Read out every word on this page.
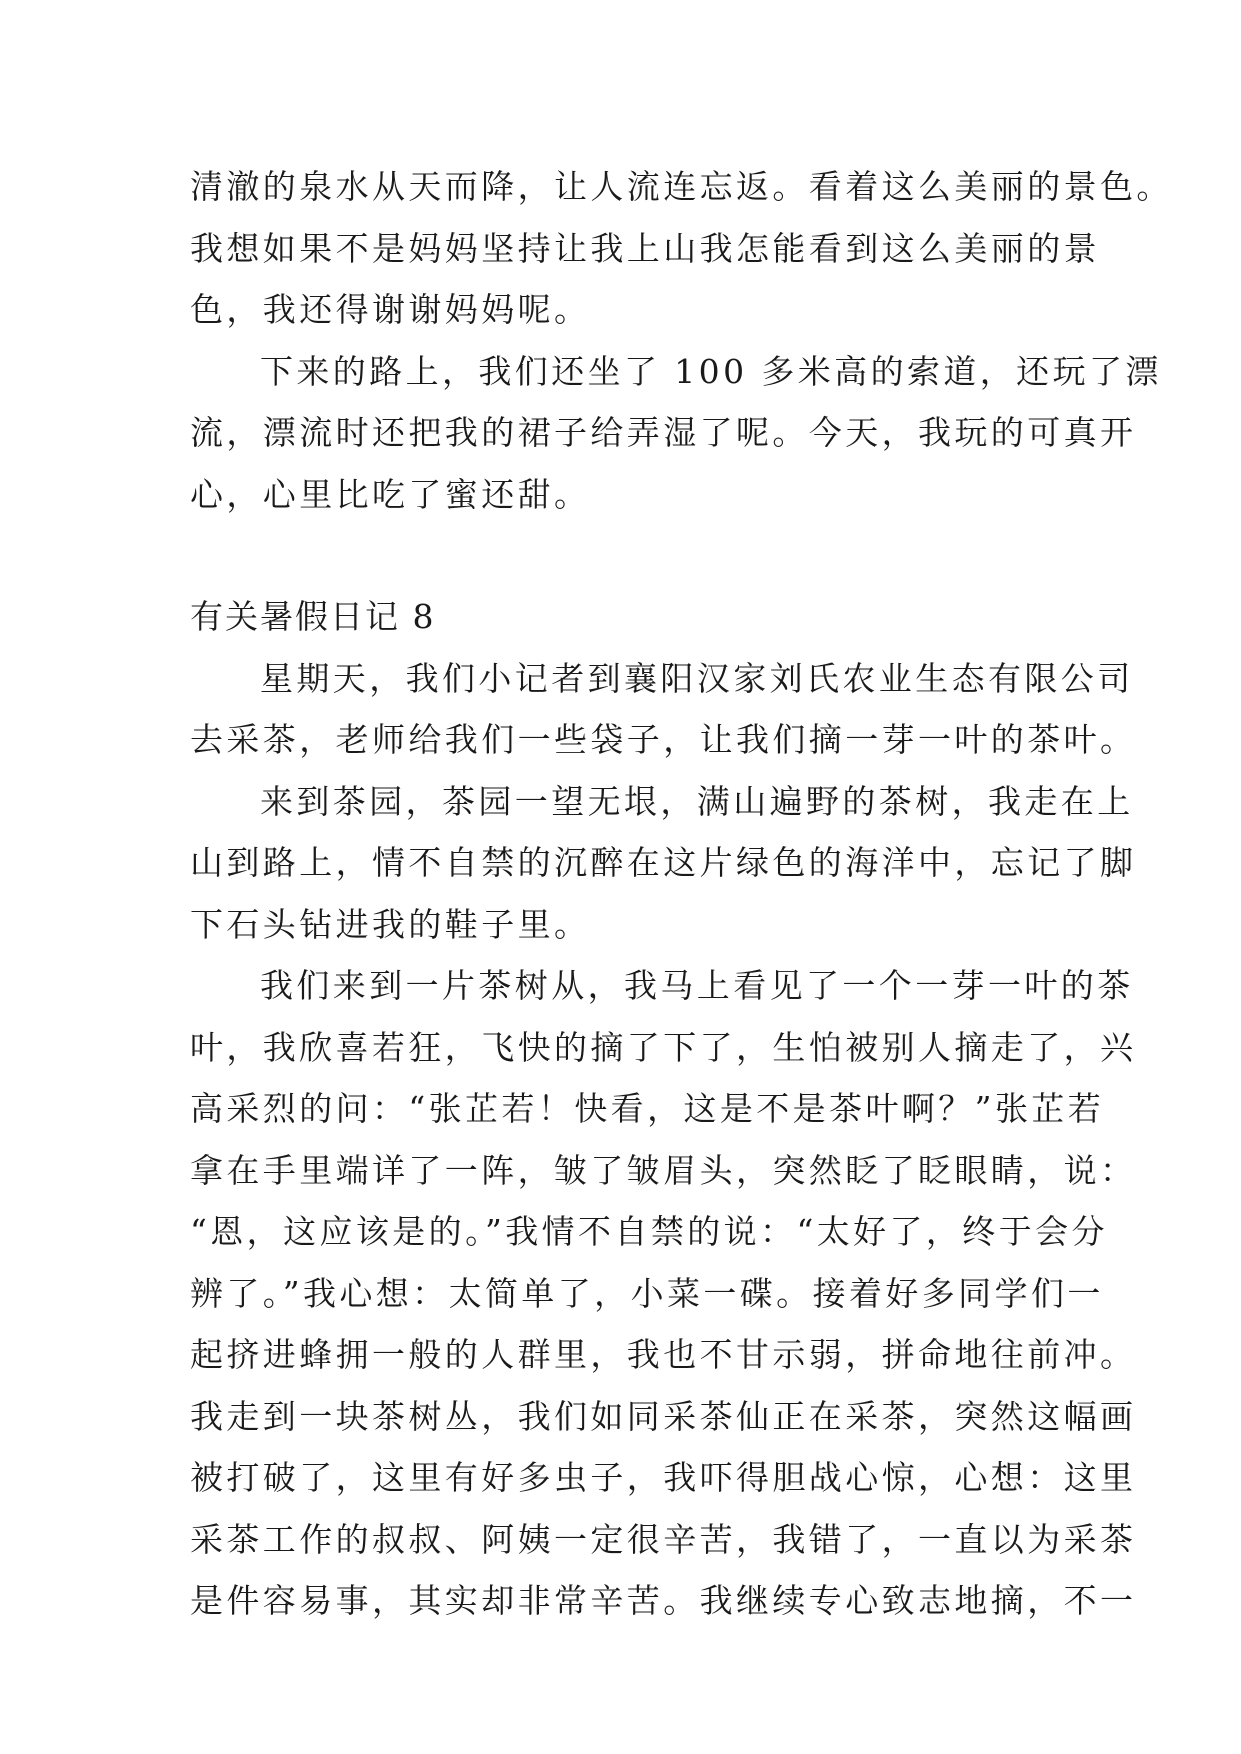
清澈的泉水从天而降，让人流连忘返。看着这么美丽的景色。
我想如果不是妈妈坚持让我上山我怎能看到这么美丽的景
色，我还得谢谢妈妈呢。
下来的路上，我们还坐了 100 多米高的索道，还玩了漂
流，漂流时还把我的裙子给弄湿了呢。今天，我玩的可真开
心，心里比吃了蜜还甜。
有关暑假日记 8
星期天，我们小记者到襄阳汉家刘氏农业生态有限公司
去采茶，老师给我们一些袋子，让我们摘一芽一叶的茶叶。
来到茶园，茶园一望无垠，满山遍野的茶树，我走在上
山到路上，情不自禁的沉醉在这片绿色的海洋中，忘记了脚
下石头钻进我的鞋子里。
我们来到一片茶树从，我马上看见了一个一芽一叶的茶
叶，我欣喜若狂，飞快的摘了下了，生怕被别人摘走了，兴
高采烈的问：“张芷若！快看，这是不是茶叶啊？”张芷若
拿在手里端详了一阵，皱了皱眉头，突然眨了眨眼睛，说：
“恩，这应该是的。”我情不自禁的说：“太好了，终于会分
辨了。”我心想：太简单了，小菜一碟。接着好多同学们一
起挤进蜂拥一般的人群里，我也不甘示弱，拼命地往前冲。
我走到一块茶树丛，我们如同采茶仙正在采茶，突然这幅画
被打破了，这里有好多虫子，我吓得胆战心惊，心想：这里
采茶工作的叔叔、阿姨一定很辛苦，我错了，一直以为采茶
是件容易事，其实却非常辛苦。我继续专心致志地摘，不一
